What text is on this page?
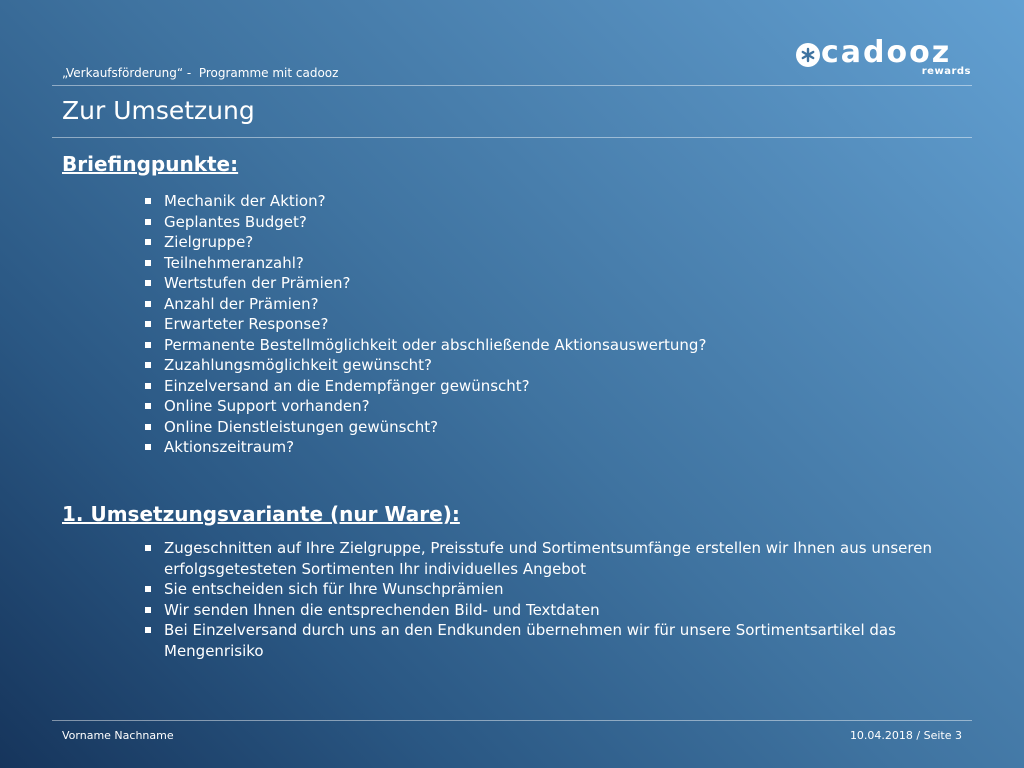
„Verkaufsförderung“ -  Programme mit cadooz
cadooz
rewards
Zur Umsetzung
Briefingpunkte:
Mechanik der Aktion?
Geplantes Budget?
Zielgruppe?
Teilnehmeranzahl?
Wertstufen der Prämien?
Anzahl der Prämien?
Erwarteter Response?
Permanente Bestellmöglichkeit oder abschließende Aktionsauswertung?
Zuzahlungsmöglichkeit gewünscht?
Einzelversand an die Endempfänger gewünscht?
Online Support vorhanden?
Online Dienstleistungen gewünscht?
Aktionszeitraum?
1. Umsetzungsvariante (nur Ware):
Zugeschnitten auf Ihre Zielgruppe, Preisstufe und Sortimentsumfänge erstellen wir Ihnen aus unseren erfolgsgetesteten Sortimenten Ihr individuelles Angebot
Sie entscheiden sich für Ihre Wunschprämien
Wir senden Ihnen die entsprechenden Bild- und Textdaten
Bei Einzelversand durch uns an den Endkunden übernehmen wir für unsere Sortimentsartikel das Mengenrisiko
Vorname Nachname	10.04.2018 / Seite 3
